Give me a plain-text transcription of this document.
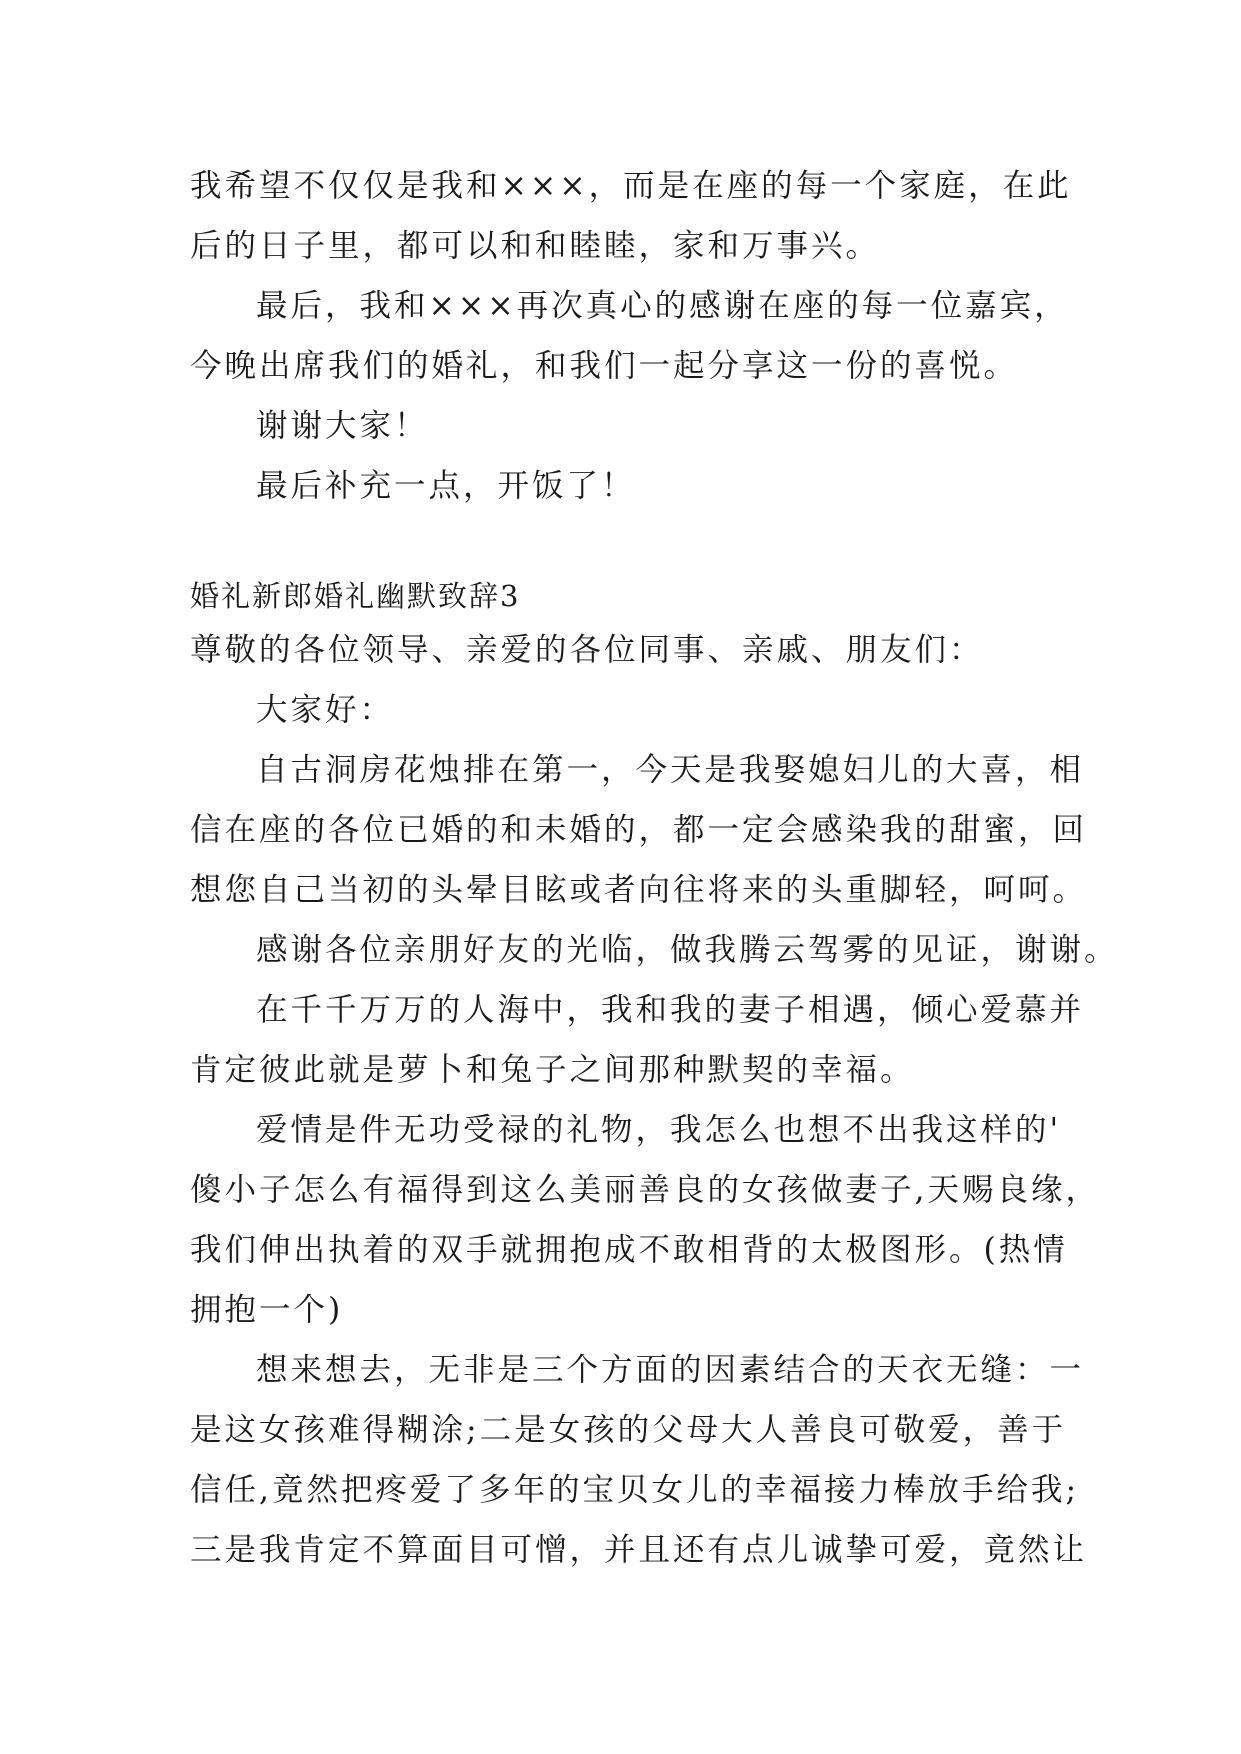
我希望不仅仅是我和×××，而是在座的每一个家庭，在此
后的日子里，都可以和和睦睦，家和万事兴。
最后，我和×××再次真心的感谢在座的每一位嘉宾，
今晚出席我们的婚礼，和我们一起分享这一份的喜悦。
谢谢大家！
最后补充一点，开饭了！
婚礼新郎婚礼幽默致辞3
尊敬的各位领导、亲爱的各位同事、亲戚、朋友们：
大家好：
自古洞房花烛排在第一，今天是我娶媳妇儿的大喜，相
信在座的各位已婚的和未婚的，都一定会感染我的甜蜜，回
想您自己当初的头晕目眩或者向往将来的头重脚轻，呵呵。
感谢各位亲朋好友的光临，做我腾云驾雾的见证，谢谢。
在千千万万的人海中，我和我的妻子相遇，倾心爱慕并
肯定彼此就是萝卜和兔子之间那种默契的幸福。
爱情是件无功受禄的礼物，我怎么也想不出我这样的'
傻小子怎么有福得到这么美丽善良的女孩做妻子,天赐良缘，
我们伸出执着的双手就拥抱成不敢相背的太极图形。(热情
拥抱一个)
想来想去，无非是三个方面的因素结合的天衣无缝：一
是这女孩难得糊涂;二是女孩的父母大人善良可敬爱，善于
信任,竟然把疼爱了多年的宝贝女儿的幸福接力棒放手给我;
三是我肯定不算面目可憎，并且还有点儿诚挚可爱，竟然让
